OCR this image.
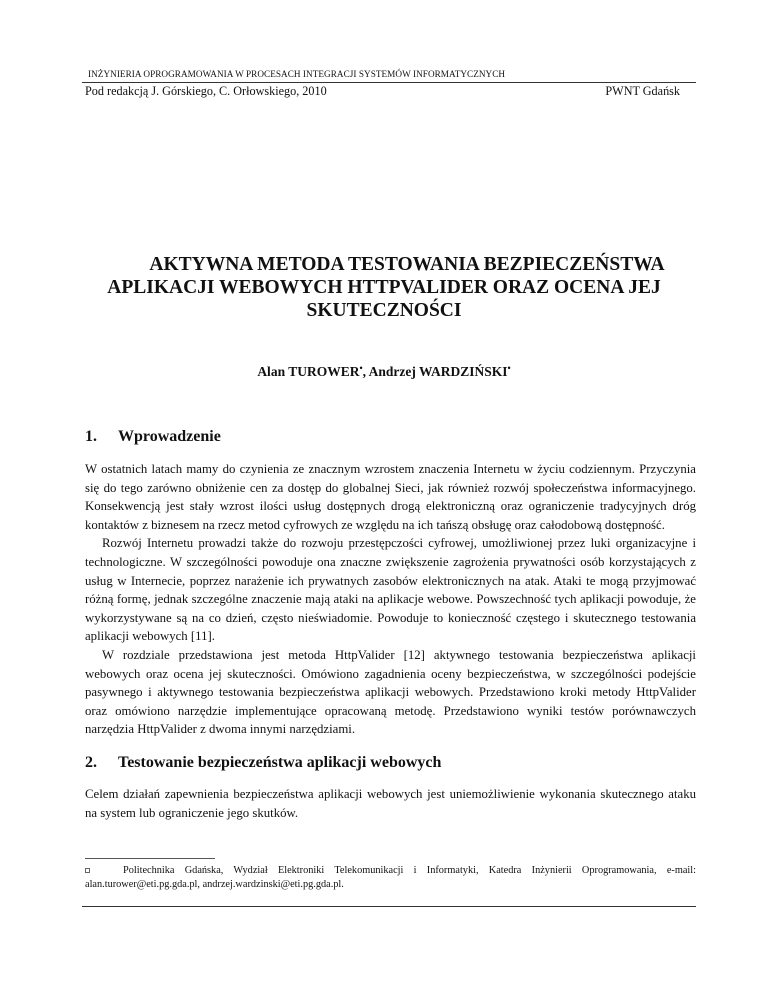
INŻYNIERIA OPROGRAMOWANIA W PROCESACH INTEGRACJI SYSTEMÓW INFORMATYCZNYCH
Pod redakcją J. Górskiego, C. Orłowskiego, 2010	PWNT Gdańsk
AKTYWNA METODA TESTOWANIA BEZPIECZEŃSTWA
APLIKACJI WEBOWYCH HTTPVALIDER ORAZ OCENA JEJ
SKUTECZNOŚCI
Alan TUROWER•, Andrzej WARDZIŃSKI•
1. Wprowadzenie

W ostatnich latach mamy do czynienia ze znacznym wzrostem znaczenia Internetu w życiu codziennym. Przyczynia się do tego zarówno obniżenie cen za dostęp do globalnej Sieci, jak również rozwój społeczeństwa informacyjnego. Konsekwencją jest stały wzrost ilości usług dostępnych drogą elektroniczną oraz ograniczenie tradycyjnych dróg kontaktów z biznesem na rzecz metod cyfrowych ze względu na ich tańszą obsługę oraz całodobową dostępność.

Rozwój Internetu prowadzi także do rozwoju przestępczości cyfrowej, umożliwionej przez luki organizacyjne i technologiczne. W szczególności powoduje ona znaczne zwiększenie zagrożenia prywatności osób korzystających z usług w Internecie, poprzez narażenie ich prywatnych zasobów elektronicznych na atak. Ataki te mogą przyjmować różną formę, jednak szczególne znaczenie mają ataki na aplikacje webowe. Powszechność tych aplikacji powoduje, że wykorzystywane są na co dzień, często nieświadomie. Powoduje to konieczność częstego i skutecznego testowania aplikacji webowych [11].

W rozdziale przedstawiona jest metoda HttpValider [12] aktywnego testowania bezpieczeństwa aplikacji webowych oraz ocena jej skuteczności. Omówiono zagadnienia oceny bezpieczeństwa, w szczególności podejście pasywnego i aktywnego testowania bezpieczeństwa aplikacji webowych. Przedstawiono kroki metody HttpValider oraz omówiono narzędzie implementujące opracowaną metodę. Przedstawiono wyniki testów porównawczych narzędzia HttpValider z dwoma innymi narzędziami.

2. Testowanie bezpieczeństwa aplikacji webowych

Celem działań zapewnienia bezpieczeństwa aplikacji webowych jest uniemożliwienie wykonania skutecznego ataku na system lub ograniczenie jego skutków.

Politechnika Gdańska, Wydział Elektroniki Telekomunikacji i Informatyki, Katedra Inżynierii Oprogramowania, e-mail: alan.turower@eti.pg.gda.pl, andrzej.wardzinski@eti.pg.gda.pl.
